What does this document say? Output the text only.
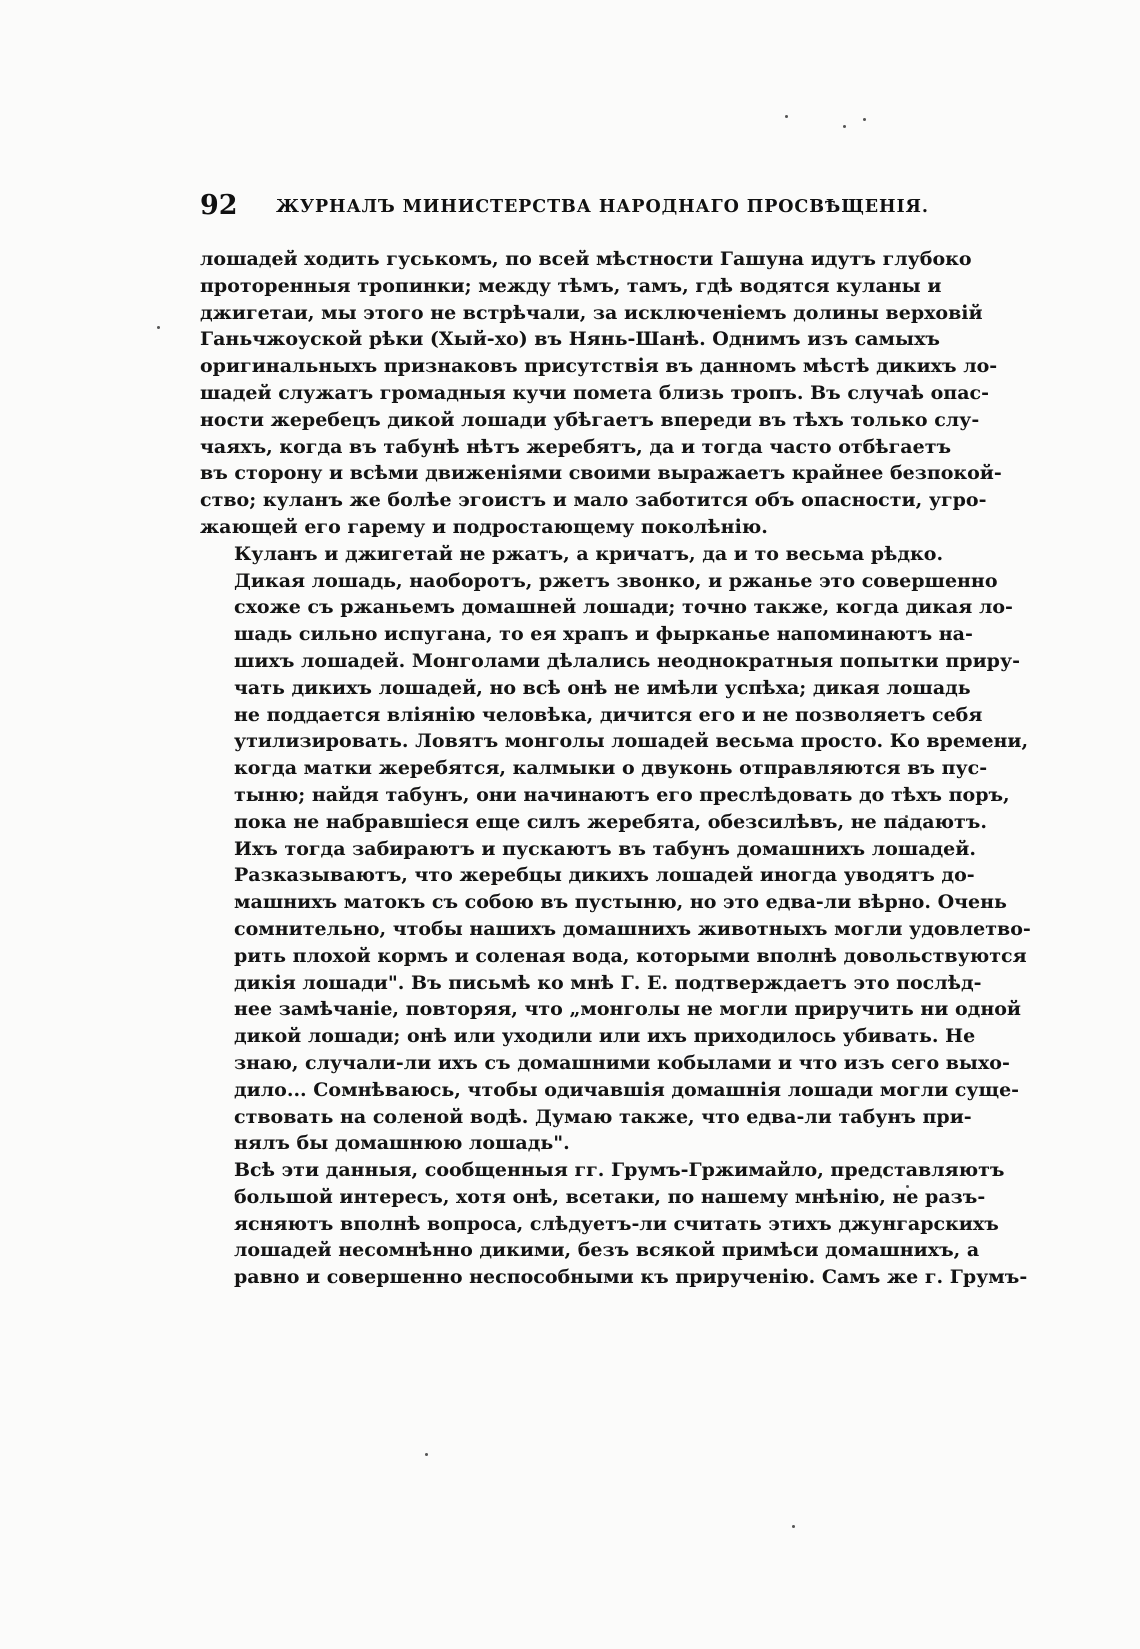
92 ЖУРНАЛЪ МИНИСТЕРСТВА НАРОДНАГО ПРОСВѢЩЕНІЯ.
лошадей ходить гуськомъ, по всей мѣстности Гашуна идутъ глубоко
протоpенныя тропинки; между тѣмъ, тамъ, гдѣ водятся куланы и
джигетаи, мы этого не встрѣчали, за исключеніемъ долины верховій
Ганьчжоуской рѣки (Хый-хо) въ Нянь-Шанѣ. Однимъ изъ самыхъ
оригинальныхъ признаковъ присутствія въ данномъ мѣстѣ дикихъ ло-
шадей служатъ громадныя кучи помета близь тропъ. Въ случаѣ опас-
ности жеребецъ дикой лошади убѣгаетъ впереди въ тѣхъ только слу-
чаяхъ, когда въ табунѣ нѣтъ жеребятъ, да и тогда часто отбѣгаетъ
въ сторону и всѣми движеніями своими выражаетъ крайнее безпокой-
ство; куланъ же болѣе эгоистъ и мало заботится объ опасности, угро-
жающей его гарему и подростающему поколѣнію.
Куланъ и джигетай не ржатъ, а кричатъ, да и то весьма рѣдко.
Дикая лошадь, наоборотъ, ржетъ звонко, и ржанье это совершенно
схоже съ ржаньемъ домашней лошади; точно также, когда дикая ло-
шадь сильно испугана, то ея храпъ и фырканье напоминаютъ на-
шихъ лошадей. Монголами дѣлались неоднократныя попытки приру-
чать дикихъ лошадей, но всѣ онѣ не имѣли успѣха; дикая лошадь
не поддается вліянію человѣка, дичится его и не позволяетъ себя
утилизировать. Ловятъ монголы лошадей весьма просто. Ко времени,
когда матки жеребятся, калмыки о двуконь отправляются въ пус-
тыню; найдя табунъ, они начинаютъ его преслѣдовать до тѣхъ поръ,
пока не набравшіеся еще силъ жеребята, обезсилѣвъ, не падаютъ.
Ихъ тогда забираютъ и пускаютъ въ табунъ домашнихъ лошадей.
Разказываютъ, что жеребцы дикихъ лошадей иногда уводятъ до-
машнихъ матокъ съ собою въ пустыню, но это едва-ли вѣрно. Очень
сомнительно, чтобы нашихъ домашнихъ животныхъ могли удовлетво-
рить плохой кормъ и соленая вода, которыми вполнѣ довольствуются
дикія лошади". Въ письмѣ ко мнѣ Г. Е. подтверждаетъ это послѣд-
нее замѣчаніе, повторяя, что „монголы не могли приручить ни одной
дикой лошади; онѣ или уходили или ихъ приходилось убивать. Не
знаю, случали-ли ихъ съ домашними кобылами и что изъ сего выхо-
дило... Сомнѣваюсь, чтобы одичавшія домашнія лошади могли суще-
ствовать на соленой водѣ. Думаю также, что едва-ли табунъ при-
нялъ бы домашнюю лошадь".
Всѣ эти данныя, сообщенныя гг. Грумъ-Гржимайло, представляютъ
большой интересъ, хотя онѣ, всетаки, по нашему мнѣнію, не разъ-
ясняютъ вполнѣ вопроса, слѣдуетъ-ли считать этихъ джунгарскихъ
лошадей несомнѣнно дикими, безъ всякой примѣси домашнихъ, а
равно и совершенно неспособными къ прирученію. Самъ же г. Грумъ-
